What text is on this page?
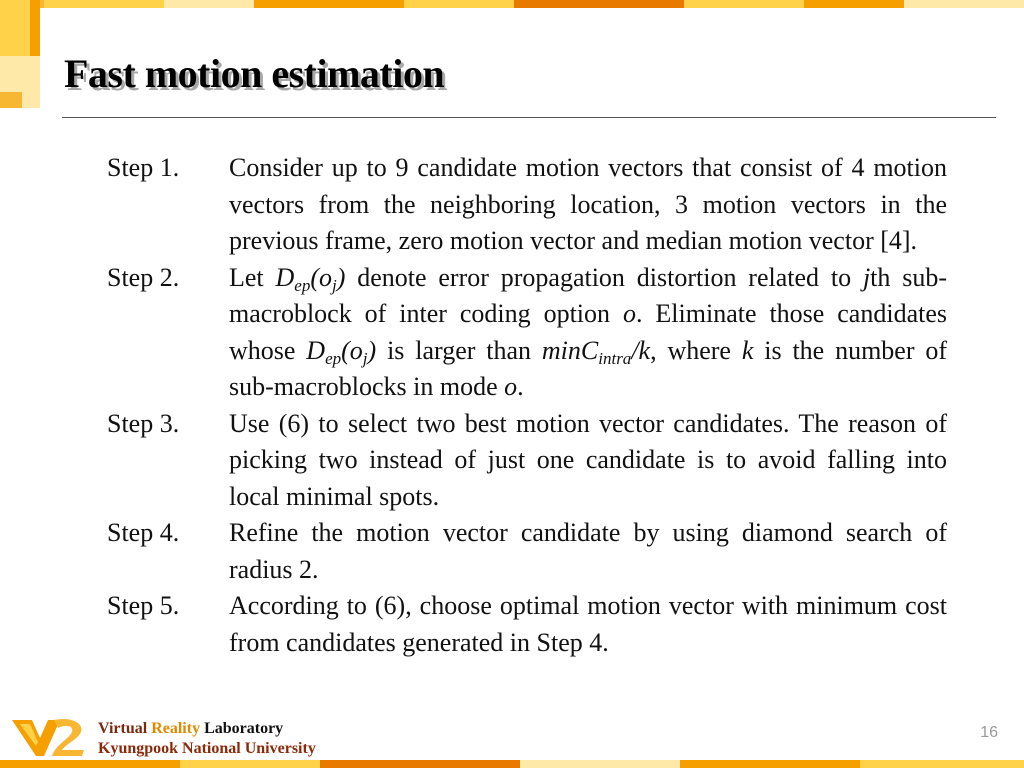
Fast motion estimation
Step 1.	Consider up to 9 candidate motion vectors that consist of 4 motion vectors from the neighboring location, 3 motion vectors in the previous frame, zero motion vector and median motion vector [4].
Step 2.	Let $D_{ep}(o_j)$ denote error propagation distortion related to jth sub-macroblock of inter coding option o. Eliminate those candidates whose $D_{ep}(o_j)$ is larger than minC$_{intra}$/k, where k is the number of sub-macroblocks in mode o.
Step 3.	Use (6) to select two best motion vector candidates. The reason of picking two instead of just one candidate is to avoid falling into local minimal spots.
Step 4.	Refine the motion vector candidate by using diamond search of radius 2.
Step 5.	According to (6), choose optimal motion vector with minimum cost from candidates generated in Step 4.

Virtual Reality Laboratory

Kyungpook National University

16
